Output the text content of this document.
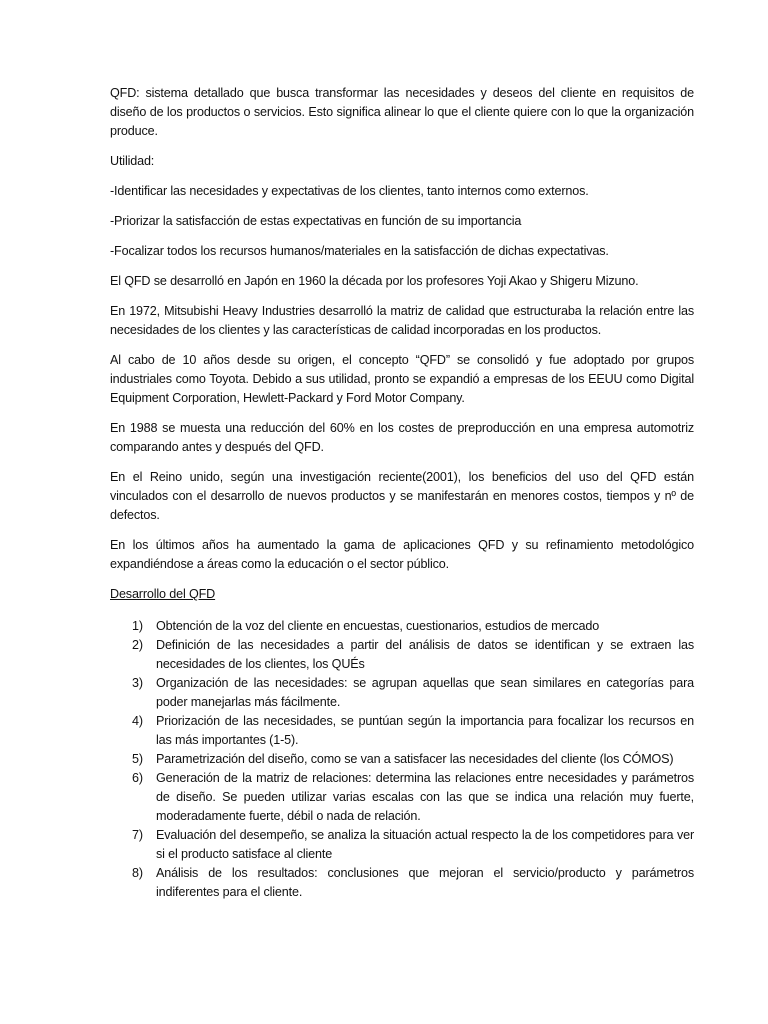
QFD: sistema detallado que busca transformar las necesidades y deseos del cliente en requisitos de diseño de los productos o servicios. Esto significa alinear lo que el cliente quiere con lo que la organización produce.

Utilidad:

-Identificar las necesidades y expectativas de los clientes, tanto internos como externos.

-Priorizar la satisfacción de estas expectativas en función de su importancia

-Focalizar todos los recursos humanos/materiales en la satisfacción de dichas expectativas.

El QFD se desarrolló en Japón en 1960 la década por los profesores Yoji Akao y Shigeru Mizuno.

En 1972, Mitsubishi Heavy Industries desarrolló la matriz de calidad que estructuraba la relación entre las necesidades de los clientes y las características de calidad incorporadas en los productos.

Al cabo de 10 años desde su origen, el concepto “QFD” se consolidó y fue adoptado por grupos industriales como Toyota. Debido a sus utilidad, pronto se expandió a empresas de los EEUU como Digital Equipment Corporation, Hewlett-Packard y Ford Motor Company.

En 1988 se muesta una reducción del 60% en los costes de preproducción en una empresa automotriz comparando antes y después del QFD.

En el Reino unido, según una investigación reciente(2001), los beneficios del uso del QFD están vinculados con el desarrollo de nuevos productos y se manifestarán en menores costos, tiempos y nº de defectos.

En los últimos años ha aumentado la gama de aplicaciones QFD y su refinamiento metodológico expandiéndose a áreas como la educación o el sector público.

Desarrollo del QFD

1)	Obtención de la voz del cliente en encuestas, cuestionarios, estudios de mercado
2)	Definición de las necesidades a partir del análisis de datos se identifican y se extraen las necesidades de los clientes, los QUÉs
3)	Organización de las necesidades: se agrupan aquellas que sean similares en categorías para poder manejarlas más fácilmente.
4)	Priorización de las necesidades, se puntúan según la importancia para focalizar los recursos en las más importantes (1-5).
5)	Parametrización del diseño, como se van a satisfacer las necesidades del cliente (los CÓMOS)
6)	Generación de la matriz de relaciones: determina las relaciones entre necesidades y parámetros de diseño. Se pueden utilizar varias escalas con las que se indica una relación muy fuerte, moderadamente fuerte, débil o nada de relación.
7)	Evaluación del desempeño, se analiza la situación actual respecto la de los competidores para ver si el producto satisface al cliente
8)	Análisis de los resultados: conclusiones que mejoran el servicio/producto y parámetros indiferentes para el cliente.
